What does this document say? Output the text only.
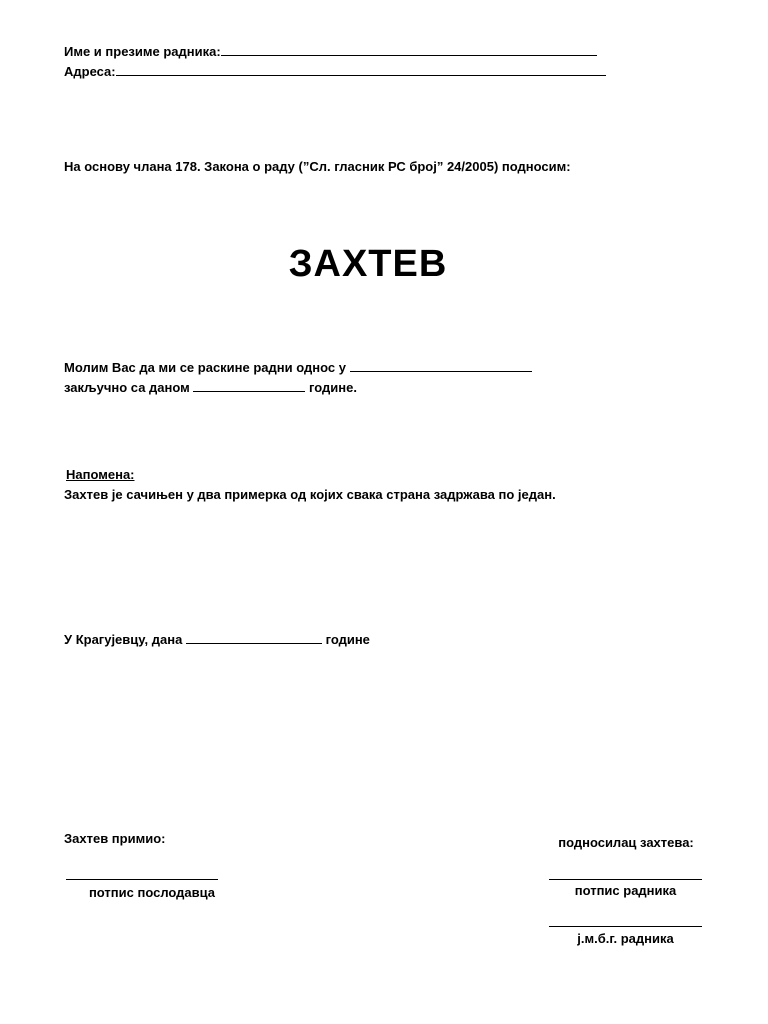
Име и презиме радника:
Адреса:
На основу члана 178. Закона о раду (”Сл. гласник РС број” 24/2005) подносим:
ЗАХТЕВ
Молим Вас да ми се раскине радни однос у
закључно са даном	године.
Напомена:
Захтев је сачињен у два примерка од којих свака страна задржава по један.
У Крагујевцу, дана	године
Захтев примио:
потпис послодавца
подносилац захтева:
потпис радника
ј.м.б.г. радника
